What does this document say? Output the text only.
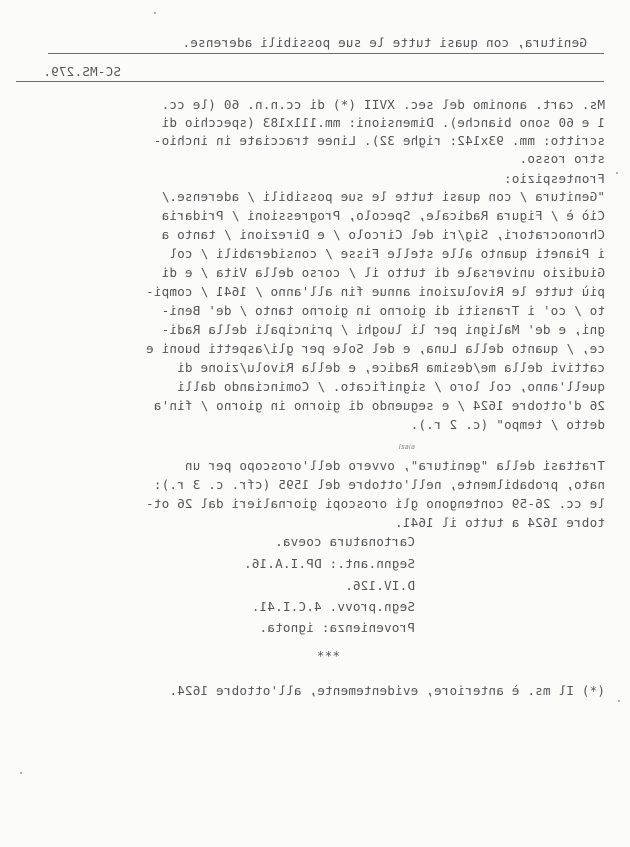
Genitura, con quasi tutte le sue possibili aderense.
SC-MS.279.
Ms. cart. anonimo del sec. XVII (*) di cc.n.n. 60 (le cc.
1 e 60 sono bianche). Dimensioni: mm.111x183 (specchio di
scritto: mm. 93x142: righe 32). Linee tracciate in inchio-
stro rosso.
Frontespizio:
"Genitura / con quasi tutte le sue possibili / aderense./
Ciò è / Figura Radicale, Specolo, Progressioni / Pridaria
Chronocratori, Sig/ri del Circolo / e Direzioni / tanto a
i Pianeti quanto alle stelle Fisse / considerabili / col
Giudizio universale di tutto il / corso della Vita / e di
più tutte le Rivoluzioni annue fin all'anno / 1641 / compi-
to / co' i Transiti di giorno in giorno tanto / de' Beni-
gni, e de' Maligni per li luoghi / principali della Radi-
ce, / quanto della Luna, e del Sole per gli/aspetti buoni e
cattivi della me/desima Radice, e della Rivolu/zione di
quell'anno, col loro / significato. / Cominciando dalli
26 d'ottobre 1624 / e seguendo di giorno in giorno / fin'a
detto / tempo" (c. 2 r.).
Isaia
Trattasi della "genitura", ovvero dell'oroscopo per un
nato, probabilmente, nell'ottobre del 1595 (cfr. c. 3 r.):
le cc. 26-59 contengono gli oroscopi giornalieri dal 26 ot-
tobre 1624 a tutto il 1641.
Cartonatura coeva.
Segnn.ant.: DP.I.A.16.
D.IV.126.
Segn.provv. 4.C.I.41.
Provenienza: ignota.
***
(*) Il ms. è anteriore, evidentemente, all'ottobre 1624.
